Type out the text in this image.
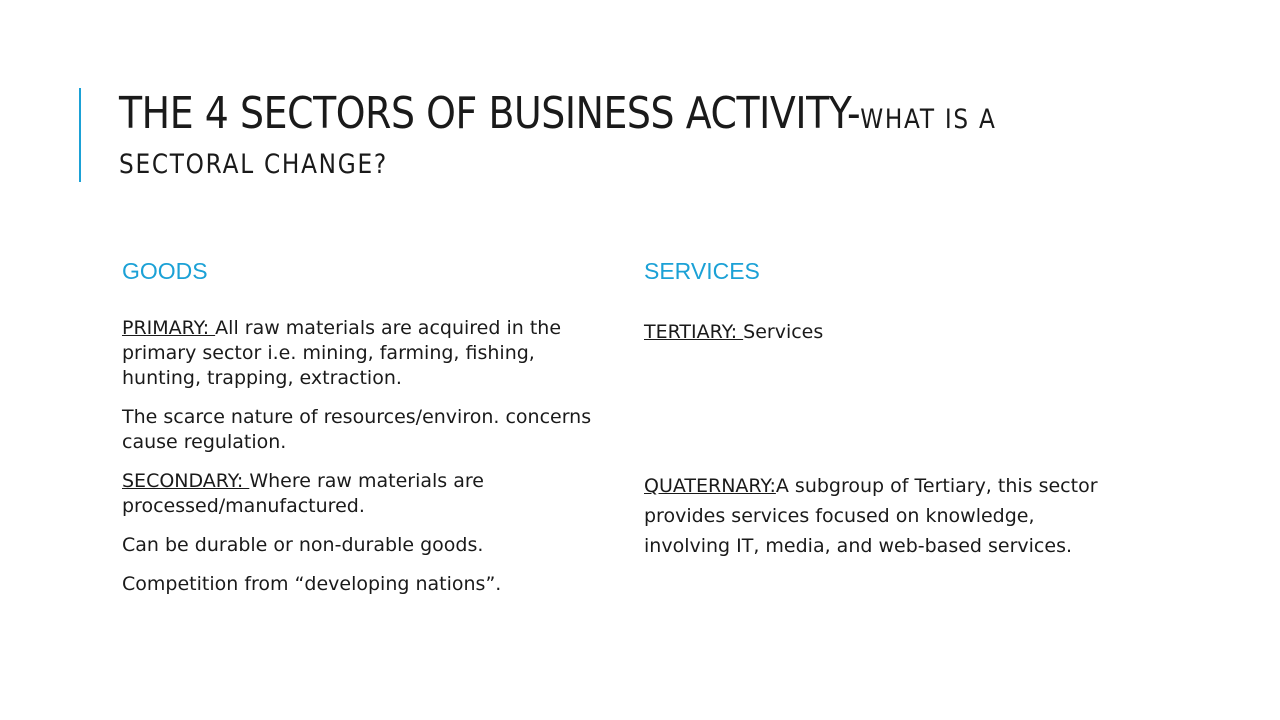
THE 4 SECTORS OF BUSINESS ACTIVITY-WHAT IS A
SECTORAL CHANGE?
GOODS	SERVICES

PRIMARY: All raw materials are acquired in the primary sector i.e. mining, farming, fishing, hunting, trapping, extraction.

The scarce nature of resources/environ. concerns cause regulation.

SECONDARY: Where raw materials are processed/manufactured.

Can be durable or non-durable goods.

Competition from “developing nations”.

TERTIARY: Services

QUATERNARY:A subgroup of Tertiary, this sector provides services focused on knowledge, involving IT, media, and web-based services.
